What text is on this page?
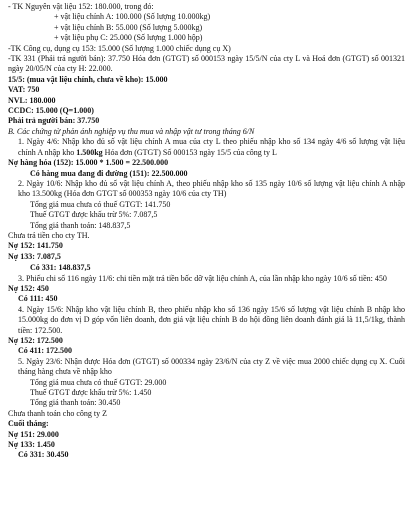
- TK Nguyên vật liệu 152: 180.000, trong đó:
+ vật liệu chính A: 100.000 (Số lượng 10.000kg)
+ vật liệu chính B: 55.000 (Số lượng 5.000kg)
+ vật liệu phụ C: 25.000 (Số lượng 1.000 hộp)
-TK Công cụ, dụng cụ 153: 15.000 (Số lượng 1.000 chiếc dụng cụ X)
-TK 331 (Phải trả người bán): 37.750 Hóa đơn (GTGT) số 000153 ngày 15/5/N của cty L và Hoá đơn (GTGT) số 001321 ngày 20/05/N của cty H: 22.000.
15/5: (mua vật liệu chính, chưa về kho): 15.000
VAT: 750
NVL: 180.000
CCDC: 15.000 (Q=1.000)
Phải trả người bán: 37.750
B. Các chứng từ phản ánh nghiệp vụ thu mua và nhập vật tư trong tháng 6/N
1. Ngày 4/6: Nhập kho đủ số vật liệu chính A mua của cty L theo phiếu nhập kho số 134 ngày 4/6 số lượng vật liệu chính A nhập kho 1.500kg Hóa đơn (GTGT) Số 000153 ngày 15/5 của công ty L
Nợ hàng hóa (152): 15.000 * 1.500 = 22.500.000
Có hàng mua đang đi đường (151): 22.500.000
2. Ngày 10/6: Nhập kho đủ số vật liệu chính A, theo phiếu nhập kho số 135 ngày 10/6 số lượng vật liệu chính A nhập kho 13.500kg (Hóa đơn GTGT số 000353 ngày 10/6 của cty TH)
Tổng giá mua chưa có thuế GTGT: 141.750
Thuế GTGT được khấu trừ 5%: 7.087,5
Tổng giá thanh toán: 148.837,5
Chưa trả tiền cho cty TH.
Nợ 152: 141.750
Nợ 133: 7.087,5
Có 331: 148.837,5
3. Phiếu chi số 116 ngày 11/6: chi tiền mặt trả tiền bốc dỡ vật liệu chính A, của lần nhập kho ngày 10/6 số tiền: 450
Nợ 152: 450
Có 111: 450
4. Ngày 15/6: Nhập kho vật liệu chính B, theo phiếu nhập kho số 136 ngày 15/6 số lượng vật liệu chính B nhập kho 15.000kg do đơn vị D góp vốn liên doanh, đơn giá vật liệu chính B do hội đồng liên doanh đánh giá là 11,5/1kg, thành tiền: 172.500.
Nợ 152: 172.500
Có 411: 172.500
5. Ngày 23/6: Nhận được Hóa đơn (GTGT) số 000334 ngày 23/6/N của cty Z về việc mua 2000 chiếc dụng cụ X. Cuối tháng hàng chưa về nhập kho
Tổng giá mua chưa có thuế GTGT: 29.000
Thuế GTGT được khấu trừ 5%: 1.450
Tổng giá thanh toán: 30.450
Chưa thanh toán cho công ty Z
Cuối tháng:
Nợ 151: 29.000
Nợ 133: 1.450
Có 331: 30.450
